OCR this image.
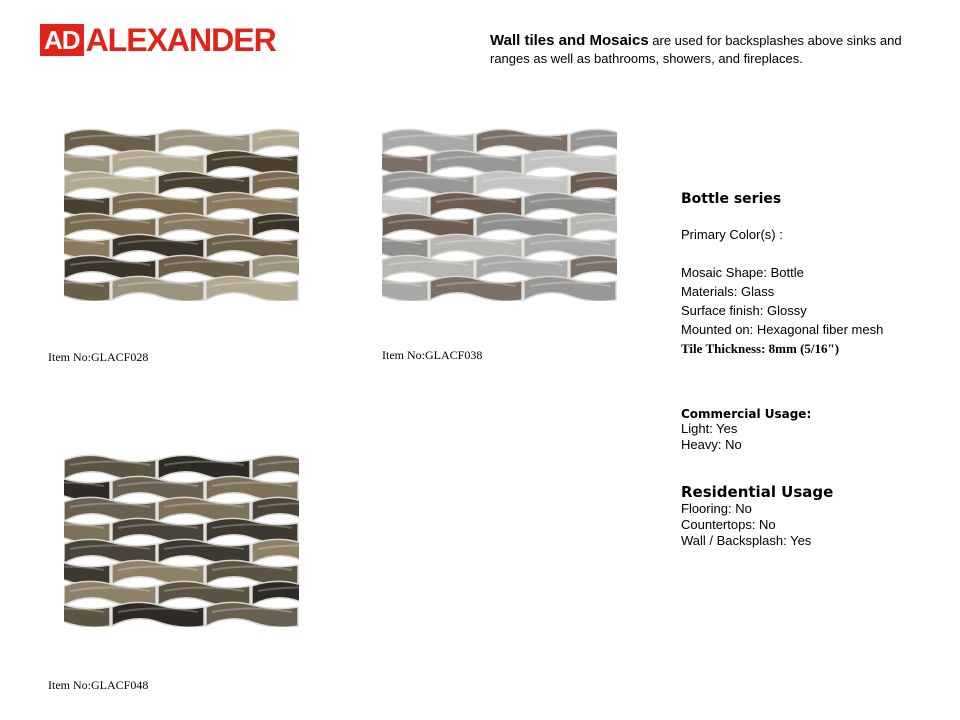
AD ALEXANDER	Wall tiles and Mosaics are used for backsplashes above sinks and ranges as well as bathrooms, showers, and fireplaces.
Item No:GLACF028	Item No:GLACF038
Item No:GLACF048
Bottle series
Primary Color(s) :
Mosaic Shape: Bottle
Materials: Glass
Surface finish: Glossy
Mounted on: Hexagonal fiber mesh
Tile Thickness: 8mm (5/16")
Commercial Usage:
Light: Yes
Heavy: No
Residential Usage
Flooring: No
Countertops: No
Wall / Backsplash: Yes
